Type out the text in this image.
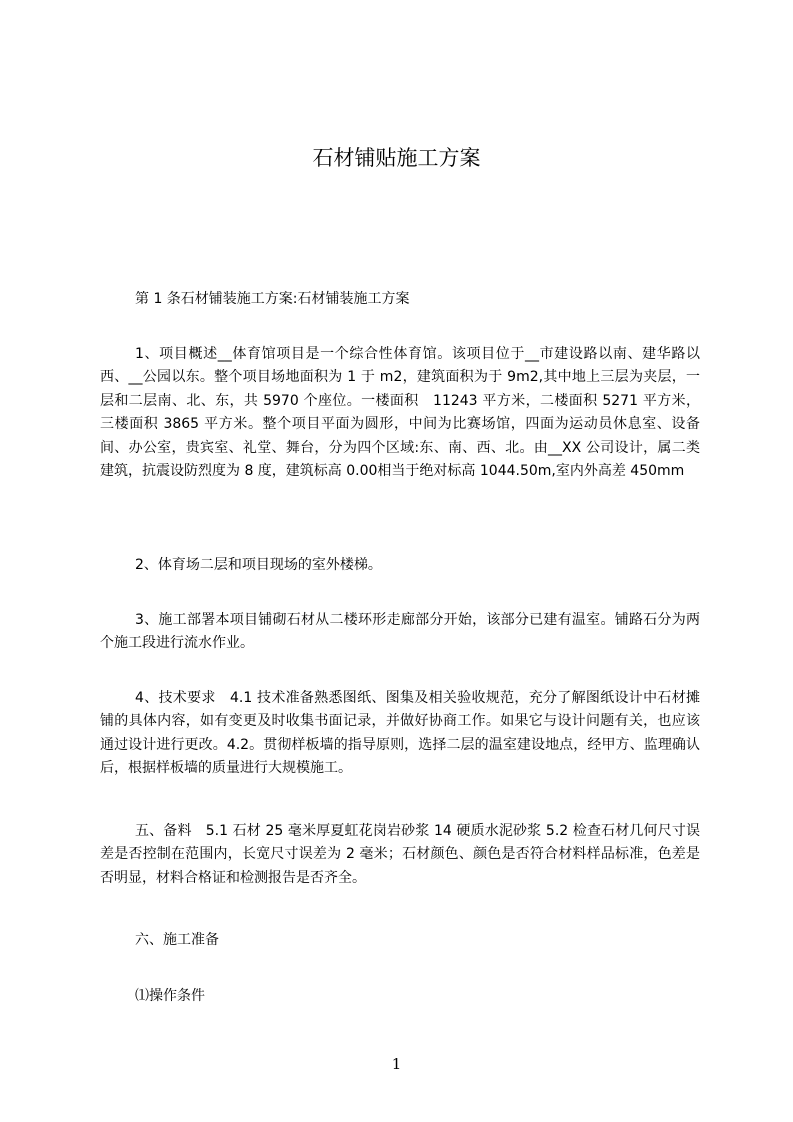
石材铺贴施工方案

第 1 条石材铺装施工方案:石材铺装施工方案

1、项目概述__体育馆项目是一个综合性体育馆。该项目位于__市建设路以南、建华路以西、__公园以东。整个项目场地面积为 1 于 m2，建筑面积为于 9m2,其中地上三层为夹层，一层和二层南、北、东，共 5970 个座位。一楼面积　11243 平方米，二楼面积 5271 平方米，三楼面积 3865 平方米。整个项目平面为圆形，中间为比赛场馆，四面为运动员休息室、设备间、办公室，贵宾室、礼堂、舞台，分为四个区域:东、南、西、北。由__XX 公司设计，属二类建筑，抗震设防烈度为 8 度，建筑标高 0.00相当于绝对标高 1044.50m,室内外高差 450mm

2、体育场二层和项目现场的室外楼梯。

3、施工部署本项目铺砌石材从二楼环形走廊部分开始，该部分已建有温室。铺路石分为两个施工段进行流水作业。

4、技术要求　4.1 技术准备熟悉图纸、图集及相关验收规范，充分了解图纸设计中石材摊铺的具体内容，如有变更及时收集书面记录，并做好协商工作。如果它与设计问题有关，也应该通过设计进行更改。4.2。贯彻样板墙的指导原则，选择二层的温室建设地点，经甲方、监理确认后，根据样板墙的质量进行大规模施工。

五、备料　5.1 石材 25 毫米厚夏虹花岗岩砂浆 14 硬质水泥砂浆 5.2 检查石材几何尺寸误差是否控制在范围内，长宽尺寸误差为 2 毫米；石材颜色、颜色是否符合材料样品标准，色差是否明显，材料合格证和检测报告是否齐全。

六、施工准备

⑴操作条件

1
